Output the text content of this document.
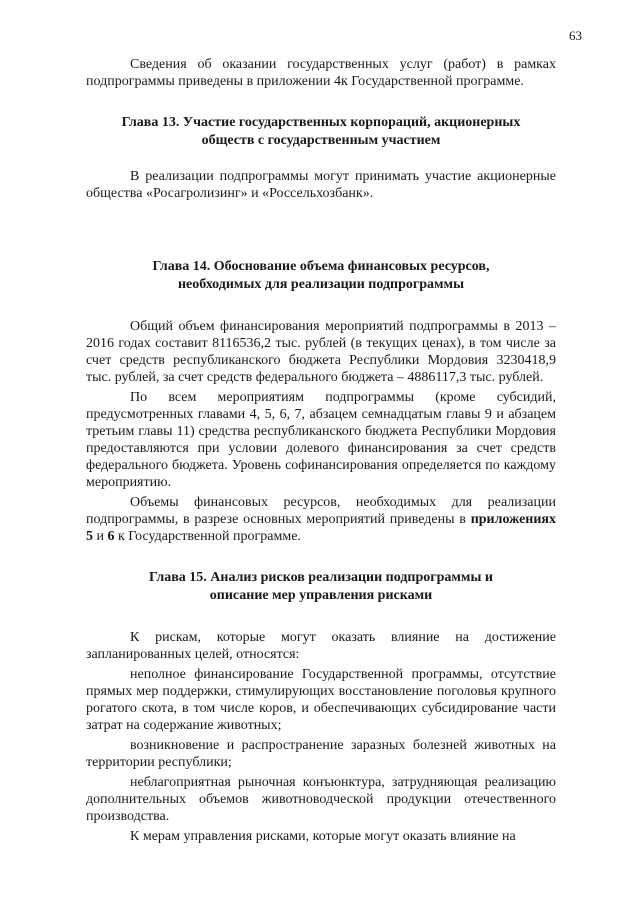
63

Сведения об оказании государственных услуг (работ) в рамках подпрограммы приведены в приложении 4к Государственной программе.

Глава 13. Участие государственных корпораций, акционерных
обществ с государственным участием

В реализации подпрограммы могут принимать участие акционерные общества «Росагролизинг» и «Россельхозбанк».

Глава 14. Обоснование объема финансовых ресурсов,
необходимых для реализации подпрограммы

Общий объем финансирования мероприятий подпрограммы в 2013 – 2016 годах составит 8116536,2 тыс. рублей (в текущих ценах), в том числе за счет средств республиканского бюджета Республики Мордовия 3230418,9 тыс. рублей, за счет средств федерального бюджета – 4886117,3 тыс. рублей.

По всем мероприятиям подпрограммы (кроме субсидий, предусмотренных главами 4, 5, 6, 7, абзацем семнадцатым главы 9 и абзацем третьим главы 11) средства республиканского бюджета Республики Мордовия предоставляются при условии долевого финансирования за счет средств федерального бюджета. Уровень софинансирования определяется по каждому мероприятию.

Объемы финансовых ресурсов, необходимых для реализации подпрограммы, в разрезе основных мероприятий приведены в приложениях 5 и 6 к Государственной программе.

Глава 15. Анализ рисков реализации подпрограммы и
описание мер управления рисками

К рискам, которые могут оказать влияние на достижение запланированных целей, относятся:

неполное финансирование Государственной программы, отсутствие прямых мер поддержки, стимулирующих восстановление поголовья крупного рогатого скота, в том числе коров, и обеспечивающих субсидирование части затрат на содержание животных;

возникновение и распространение заразных болезней животных на территории республики;

неблагоприятная рыночная конъюнктура, затрудняющая реализацию дополнительных объемов животноводческой продукции отечественного производства.

К мерам управления рисками, которые могут оказать влияние на
